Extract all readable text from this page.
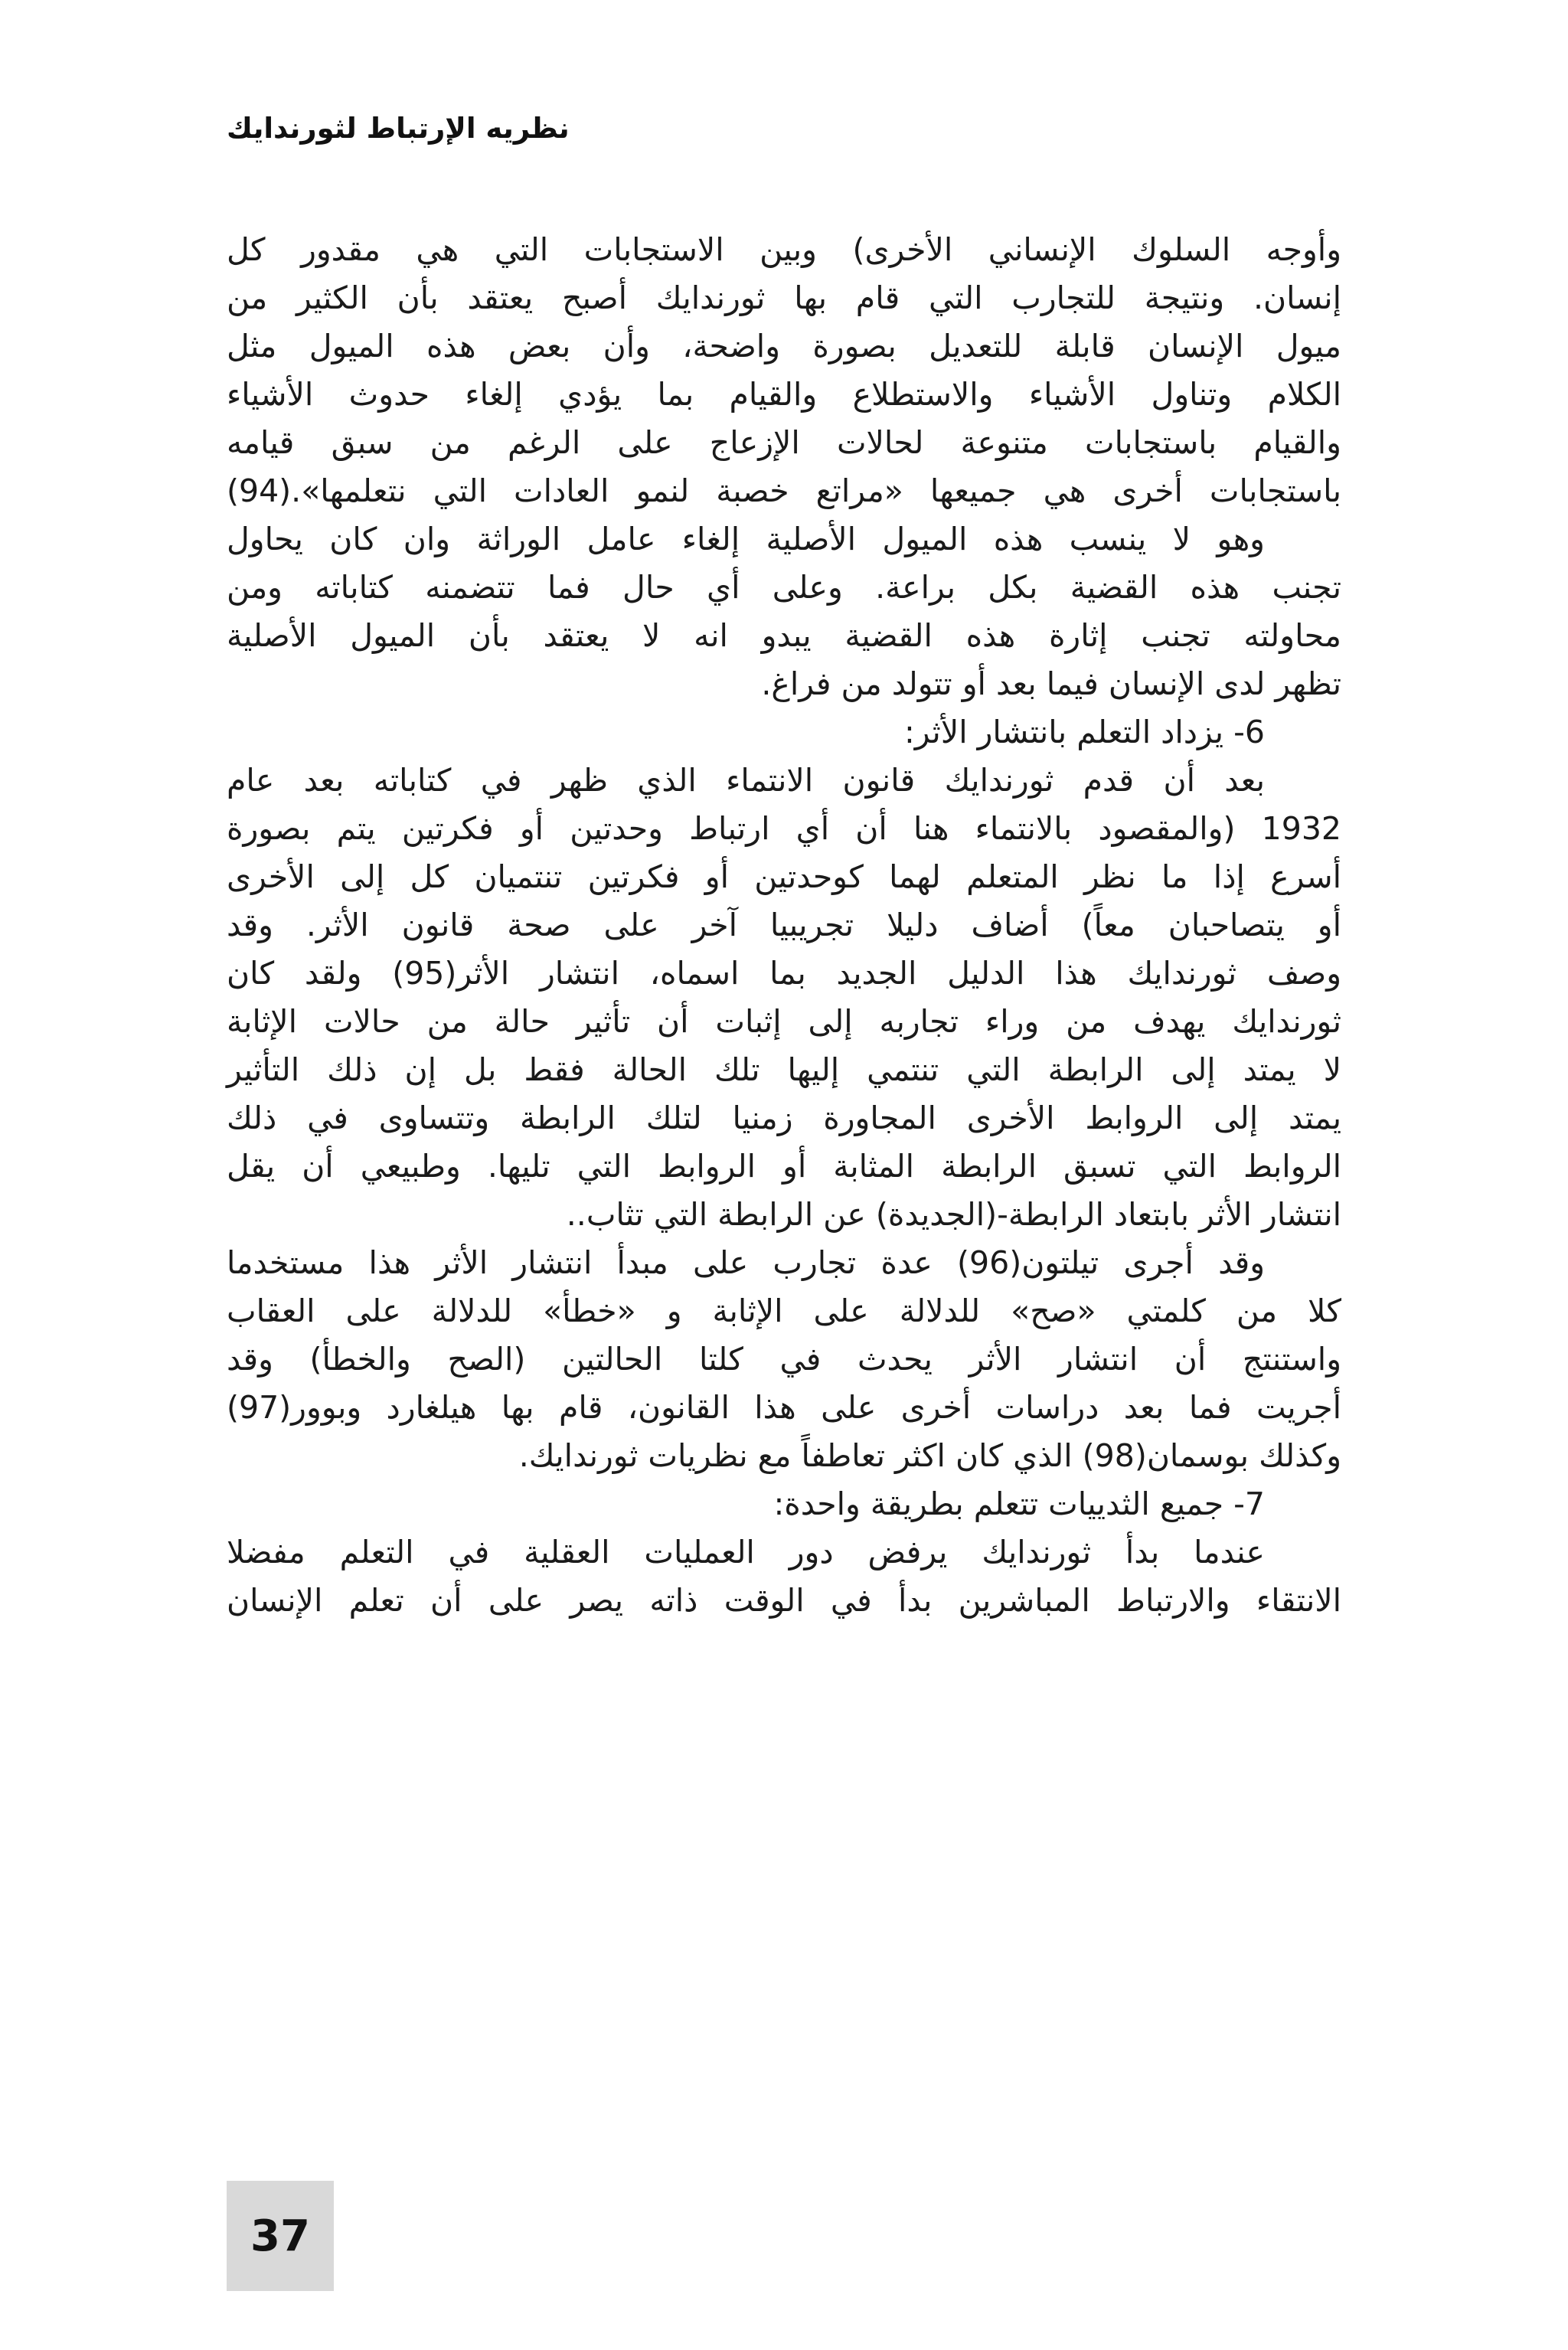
نظريه الإرتباط لثورندايك
وأوجه السلوك الإنساني الأخرى) وبين الاستجابات التي هي مقدور كل
إنسان. ونتيجة للتجارب التي قام بها ثورندايك أصبح يعتقد بأن الكثير من
ميول الإنسان قابلة للتعديل بصورة واضحة، وأن بعض هذه الميول مثل
الكلام وتناول الأشياء والاستطلاع والقيام بما يؤدي إلغاء حدوث الأشياء
والقيام باستجابات متنوعة لحالات الإزعاج على الرغم من سبق قيامه
باستجابات أخرى هي جميعها «مراتع خصبة لنمو العادات التي نتعلمها».(94)
وهو لا ينسب هذه الميول الأصلية إلغاء عامل الوراثة وان كان يحاول
تجنب هذه القضية بكل براعة. وعلى أي حال فما تتضمنه كتاباته ومن
محاولته تجنب إثارة هذه القضية يبدو انه لا يعتقد بأن الميول الأصلية
تظهر لدى الإنسان فيما بعد أو تتولد من فراغ.
6- يزداد التعلم بانتشار الأثر:
بعد أن قدم ثورندايك قانون الانتماء الذي ظهر في كتاباته بعد عام
1932 (والمقصود بالانتماء هنا أن أي ارتباط وحدتين أو فكرتين يتم بصورة
أسرع إذا ما نظر المتعلم لهما كوحدتين أو فكرتين تنتميان كل إلى الأخرى
أو يتصاحبان معاً) أضاف دليلا تجريبيا آخر على صحة قانون الأثر. وقد
وصف ثورندايك هذا الدليل الجديد بما اسماه، انتشار الأثر(95) ولقد كان
ثورندايك يهدف من وراء تجاربه إلى إثبات أن تأثير حالة من حالات الإثابة
لا يمتد إلى الرابطة التي تنتمي إليها تلك الحالة فقط بل إن ذلك التأثير
يمتد إلى الروابط الأخرى المجاورة زمنيا لتلك الرابطة وتتساوى في ذلك
الروابط التي تسبق الرابطة المثابة أو الروابط التي تليها. وطبيعي أن يقل
انتشار الأثر بابتعاد الرابطة-(الجديدة) عن الرابطة التي تثاب..
وقد أجرى تيلتون(96) عدة تجارب على مبدأ انتشار الأثر هذا مستخدما
كلا من كلمتي «صح» للدلالة على الإثابة و «خطأ» للدلالة على العقاب
واستنتج أن انتشار الأثر يحدث في كلتا الحالتين (الصح والخطأ) وقد
أجريت فما بعد دراسات أخرى على هذا القانون، قام بها هيلغارد وبوور(97)
وكذلك بوسمان(98) الذي كان اكثر تعاطفاً مع نظريات ثورندايك.
7- جميع الثدييات تتعلم بطريقة واحدة:
عندما بدأ ثورندايك يرفض دور العمليات العقلية في التعلم مفضلا
الانتقاء والارتباط المباشرين بدأ في الوقت ذاته يصر على أن تعلم الإنسان
37
